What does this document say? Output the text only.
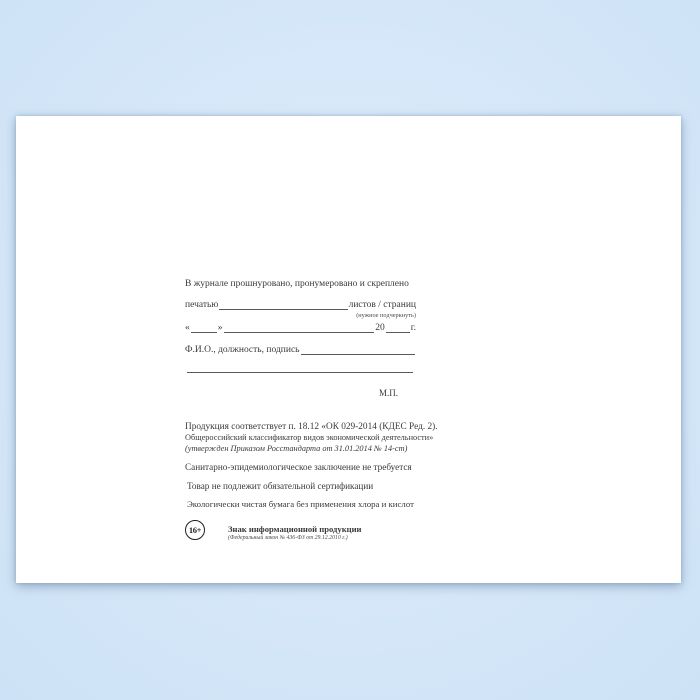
В журнале прошнуровано, пронумеровано и скреплено
печатью	листов / страниц
(нужное подчеркнуть)
«	»	20	г.
Ф.И.О., должность, подпись
М.П.
Продукция соответствует п. 18.12 «ОК 029-2014 (КДЕС Ред. 2).
Общероссийский классификатор видов экономической деятельности»
(утвержден Приказом Росстандарта от 31.01.2014 № 14-ст)
Санитарно-эпидемиологическое заключение не требуется
Товар не подлежит обязательной сертификации
Экологически чистая бумага без применения хлора и кислот
16+	Знак информационной продукции
(Федеральный закон № 436-ФЗ от 29.12.2010 г.)
